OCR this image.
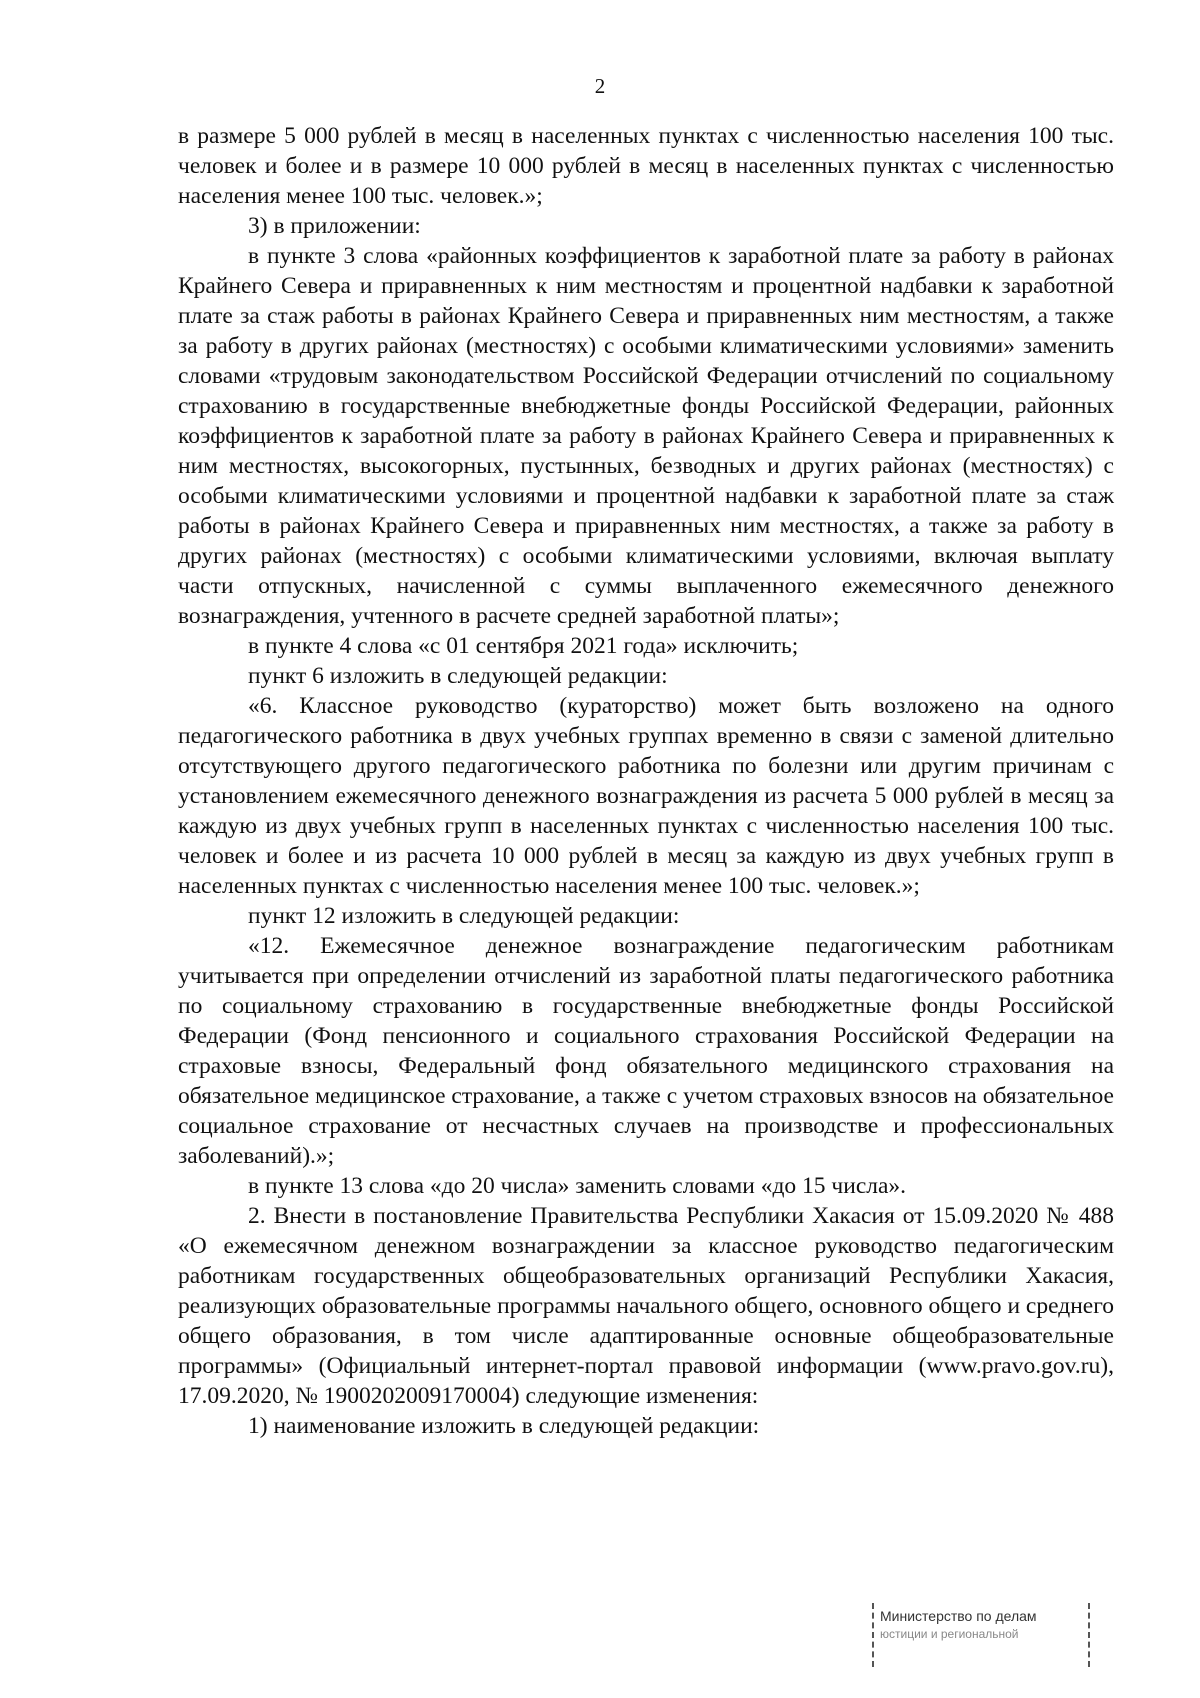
2

в размере 5 000 рублей в месяц в населенных пунктах с численностью населения 100 тыс. человек и более и в размере 10 000 рублей в месяц в населенных пунктах с численностью населения менее 100 тыс. человек.»;

3) в приложении:

в пункте 3 слова «районных коэффициентов к заработной плате за работу в районах Крайнего Севера и приравненных к ним местностям и процентной надбавки к заработной плате за стаж работы в районах Крайнего Севера и приравненных ним местностям, а также за работу в других районах (местностях) с особыми климатическими условиями» заменить словами «трудовым законодательством Российской Федерации отчислений по социальному страхованию в государственные внебюджетные фонды Российской Федерации, районных коэффициентов к заработной плате за работу в районах Крайнего Севера и приравненных к ним местностях, высокогорных, пустынных, безводных и других районах (местностях) с особыми климатическими условиями и процентной надбавки к заработной плате за стаж работы в районах Крайнего Севера и приравненных ним местностях, а также за работу в других районах (местностях) с особыми климатическими условиями, включая выплату части отпускных, начисленной с суммы выплаченного ежемесячного денежного вознаграждения, учтенного в расчете средней заработной платы»;

в пункте 4 слова «с 01 сентября 2021 года» исключить;

пункт 6 изложить в следующей редакции:

«6. Классное руководство (кураторство) может быть возложено на одного педагогического работника в двух учебных группах временно в связи с заменой длительно отсутствующего другого педагогического работника по болезни или другим причинам с установлением ежемесячного денежного вознаграждения из расчета 5 000 рублей в месяц за каждую из двух учебных групп в населенных пунктах с численностью населения 100 тыс. человек и более и из расчета 10 000 рублей в месяц за каждую из двух учебных групп в населенных пунктах с численностью населения менее 100 тыс. человек.»;

пункт 12 изложить в следующей редакции:

«12. Ежемесячное денежное вознаграждение педагогическим работникам учитывается при определении отчислений из заработной платы педагогического работника по социальному страхованию в государственные внебюджетные фонды Российской Федерации (Фонд пенсионного и социального страхования Российской Федерации на страховые взносы, Федеральный фонд обязательного медицинского страхования на обязательное медицинское страхование, а также с учетом страховых взносов на обязательное социальное страхование от несчастных случаев на производстве и профессиональных заболеваний).»;

в пункте 13 слова «до 20 числа» заменить словами «до 15 числа».

2. Внести в постановление Правительства Республики Хакасия от 15.09.2020 № 488 «О ежемесячном денежном вознаграждении за классное руководство педагогическим работникам государственных общеобразовательных организаций Республики Хакасия, реализующих образовательные программы начального общего, основного общего и среднего общего образования, в том числе адаптированные основные общеобразовательные программы» (Официальный интернет-портал правовой информации (www.pravo.gov.ru), 17.09.2020, № 1900202009170004) следующие изменения:

1) наименование изложить в следующей редакции:

Министерство по делам
юстиции и региональной
